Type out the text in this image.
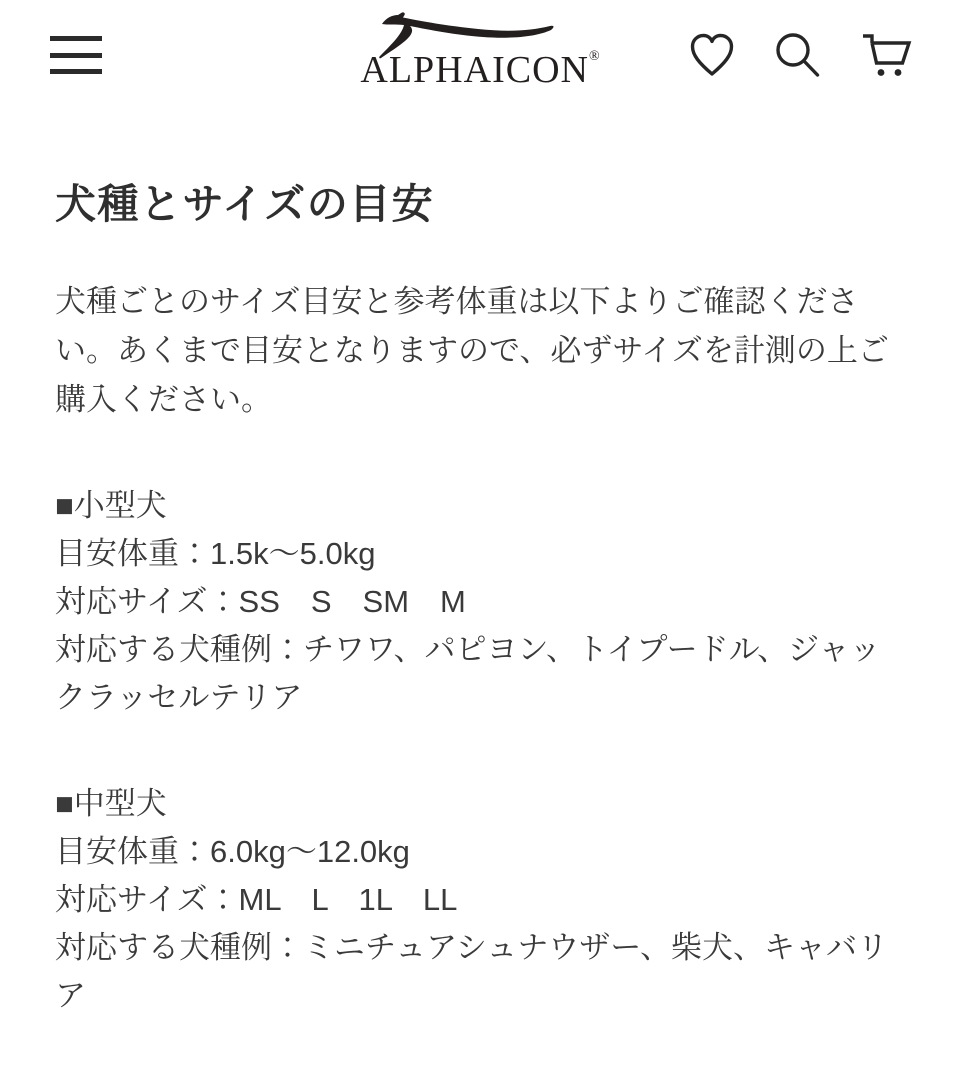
ALPHAICON®
犬種とサイズの目安

犬種ごとのサイズ目安と参考体重は以下よりご確認ください。あくまで目安となりますので、必ずサイズを計測の上ご購入ください。

■小型犬
目安体重：1.5k～5.0kg
対応サイズ：SS　S　SM　M
対応する犬種例：チワワ、パピヨン、トイプードル、ジャックラッセルテリア
■中型犬
目安体重：6.0kg～12.0kg
対応サイズ：ML　L　1L　LL
対応する犬種例：ミニチュアシュナウザー、柴犬、キャバリア
